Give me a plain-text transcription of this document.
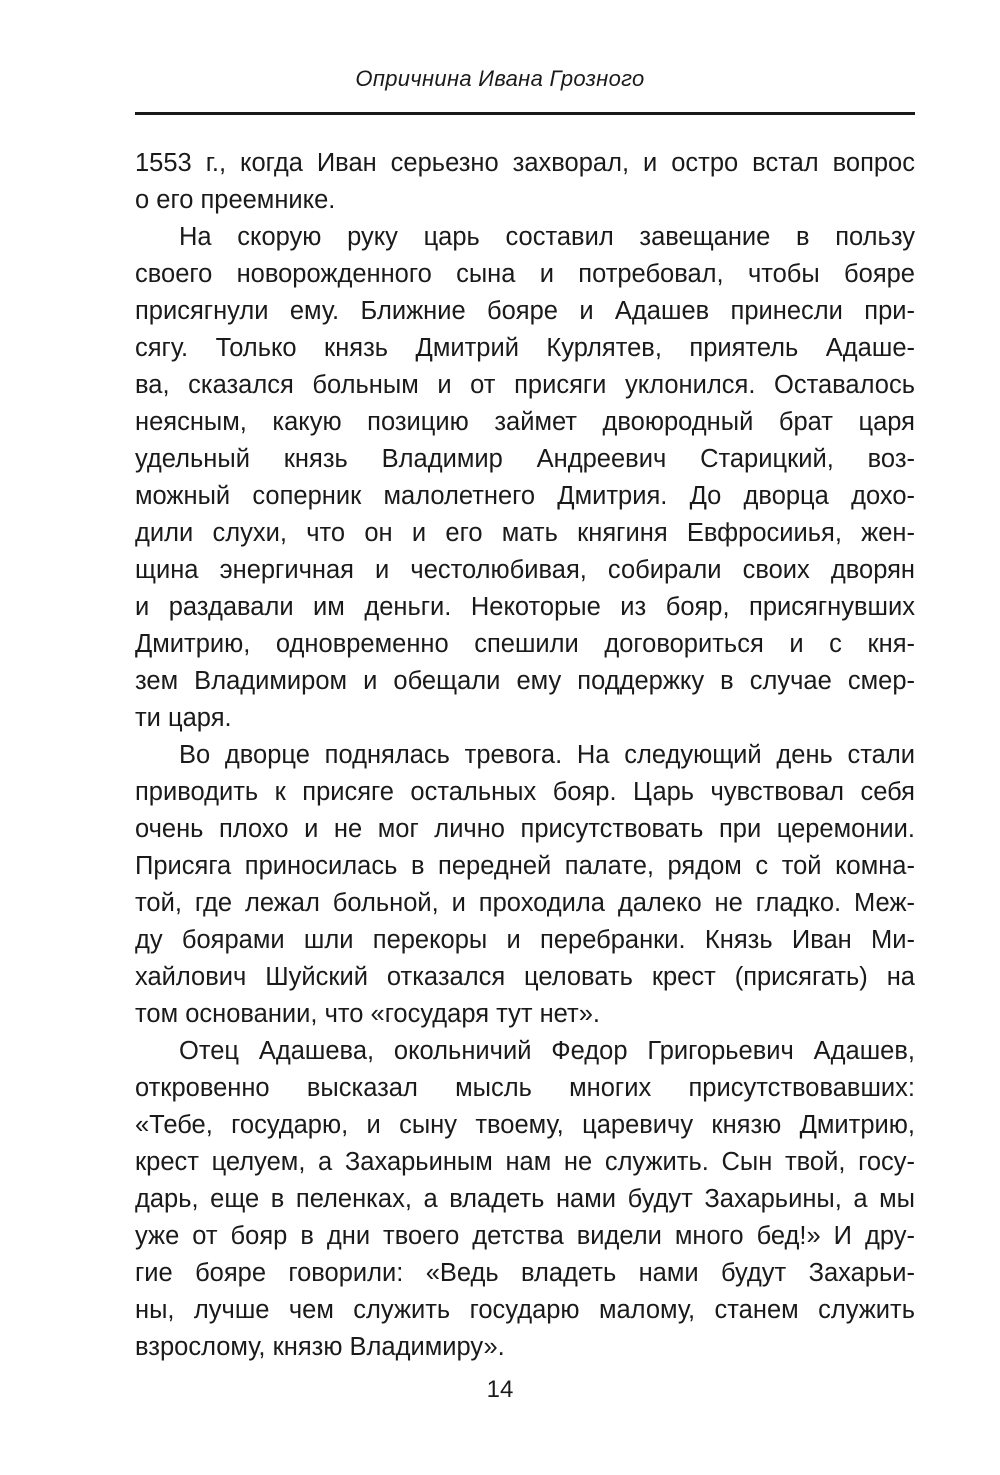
Опричнина Ивана Грозного
1553 г., когда Иван серьезно захворал, и остро встал вопрос
о его преемнике.
На скорую руку царь составил завещание в пользу
своего новорожденного сына и потребовал, чтобы бояре
присягнули ему. Ближние бояре и Адашев принесли при-
сягу. Только князь Дмитрий Курлятев, приятель Адаше-
ва, сказался больным и от присяги уклонился. Оставалось
неясным, какую позицию займет двоюродный брат царя
удельный князь Владимир Андреевич Старицкий, воз-
можный соперник малолетнего Дмитрия. До дворца дохо-
дили слухи, что он и его мать княгиня Евфросииья, жен-
щина энергичная и честолюбивая, собирали своих дворян
и раздавали им деньги. Некоторые из бояр, присягнувших
Дмитрию, одновременно спешили договориться и с кня-
зем Владимиром и обещали ему поддержку в случае смер-
ти царя.
Во дворце поднялась тревога. На следующий день стали
приводить к присяге остальных бояр. Царь чувствовал себя
очень плохо и не мог лично присутствовать при церемонии.
Присяга приносилась в передней палате, рядом с той комна-
той, где лежал больной, и проходила далеко не гладко. Меж-
ду боярами шли перекоры и перебранки. Князь Иван Ми-
хайлович Шуйский отказался целовать крест (присягать) на
том основании, что «государя тут нет».
Отец Адашева, окольничий Федор Григорьевич Адашев,
откровенно высказал мысль многих присутствовавших:
«Тебе, государю, и сыну твоему, царевичу князю Дмитрию,
крест целуем, а Захарьиным нам не служить. Сын твой, госу-
дарь, еще в пеленках, а владеть нами будут Захарьины, а мы
уже от бояр в дни твоего детства видели много бед!» И дру-
гие бояре говорили: «Ведь владеть нами будут Захарьи-
ны, лучше чем служить государю малому, станем служить
взрослому, князю Владимиру».
14
